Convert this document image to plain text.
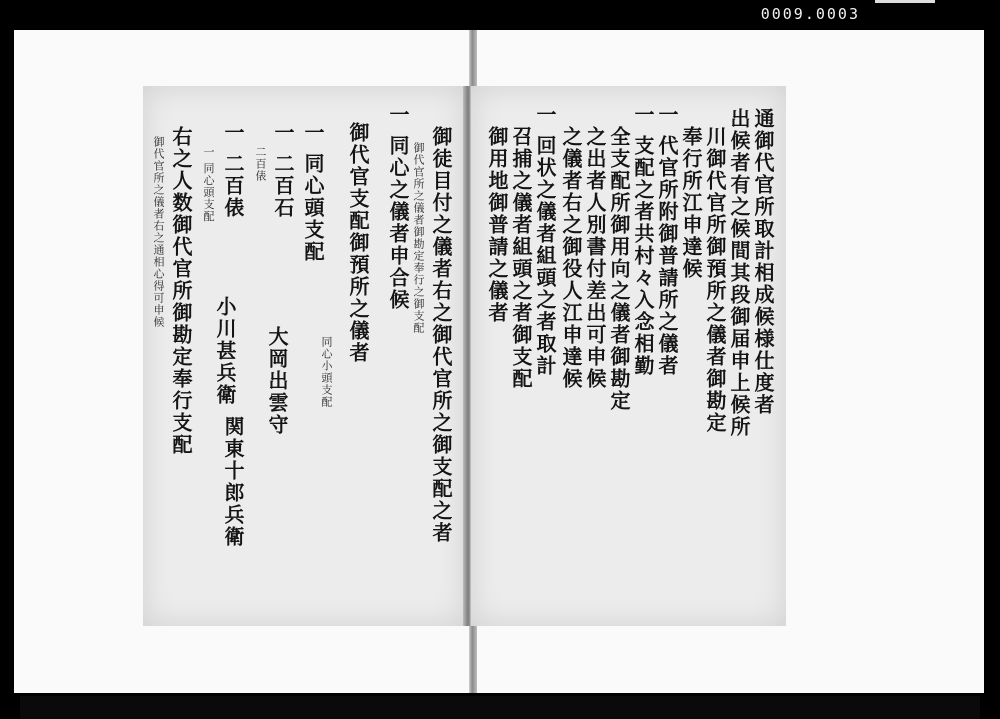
0009.0003
御徒目付之儀者右之御代官所之御支配之者
御代官所之儀者御勘定奉行之御支配
一 同心之儀者申合候
御代官支配御預所之儀者
一 同心頭支配
同心小頭支配
一 二百石
大岡出雲守
二百俵
一 二百俵
小川甚兵衛
関東十郎兵衛
一 同心頭支配
右之人数御代官所御勘定奉行支配
御代官所之儀者右之通相心得可申候	通御代官所取計相成候様仕度者
出候者有之候間其段御届申上候所
川御代官所御預所之儀者御勘定
奉行所江申達候
一 代官所附御普請所之儀者
一 支配之者共村々入念相勤
全支配所御用向之儀者御勘定
之出者人別書付差出可申候
之儀者右之御役人江申達候
一 回状之儀者組頭之者取計
召捕之儀者組頭之者御支配
御用地御普請之儀者
